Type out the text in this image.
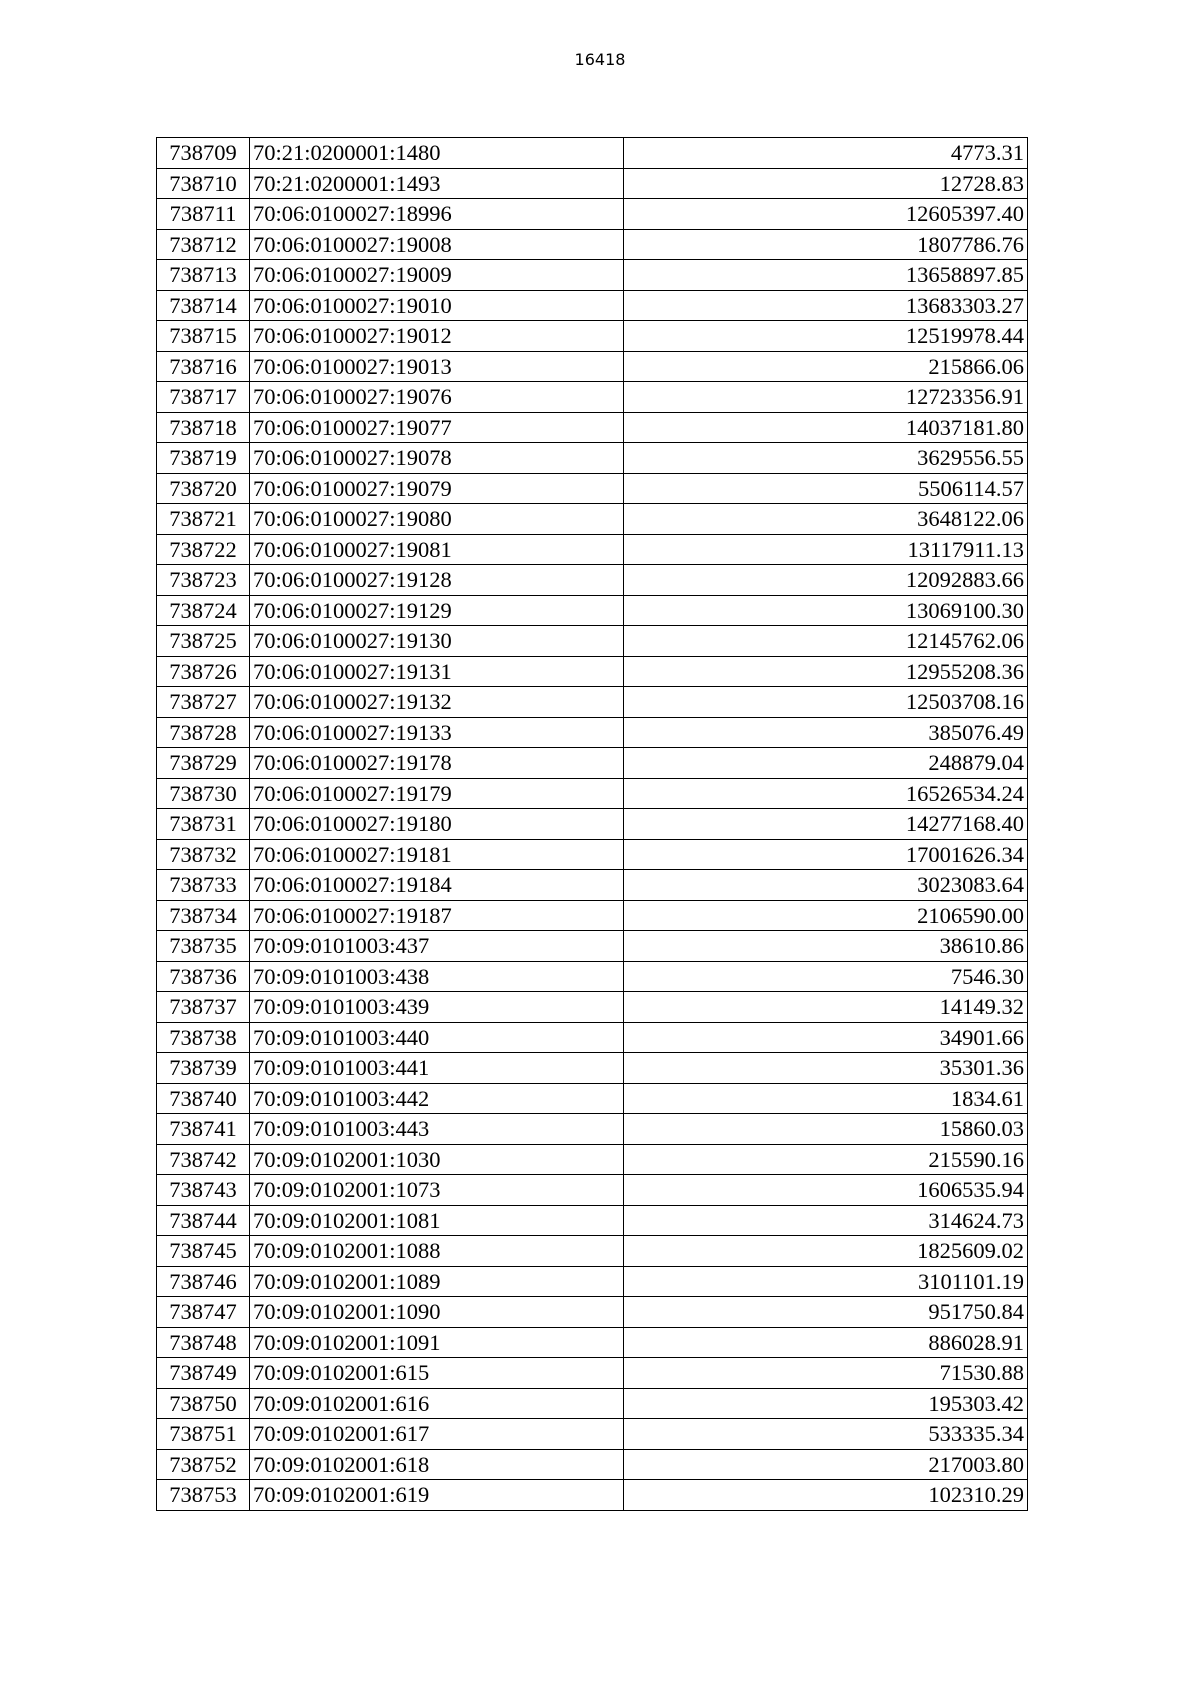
16418
738709	70:21:0200001:1480	4773.31
738710	70:21:0200001:1493	12728.83
738711	70:06:0100027:18996	12605397.40
738712	70:06:0100027:19008	1807786.76
738713	70:06:0100027:19009	13658897.85
738714	70:06:0100027:19010	13683303.27
738715	70:06:0100027:19012	12519978.44
738716	70:06:0100027:19013	215866.06
738717	70:06:0100027:19076	12723356.91
738718	70:06:0100027:19077	14037181.80
738719	70:06:0100027:19078	3629556.55
738720	70:06:0100027:19079	5506114.57
738721	70:06:0100027:19080	3648122.06
738722	70:06:0100027:19081	13117911.13
738723	70:06:0100027:19128	12092883.66
738724	70:06:0100027:19129	13069100.30
738725	70:06:0100027:19130	12145762.06
738726	70:06:0100027:19131	12955208.36
738727	70:06:0100027:19132	12503708.16
738728	70:06:0100027:19133	385076.49
738729	70:06:0100027:19178	248879.04
738730	70:06:0100027:19179	16526534.24
738731	70:06:0100027:19180	14277168.40
738732	70:06:0100027:19181	17001626.34
738733	70:06:0100027:19184	3023083.64
738734	70:06:0100027:19187	2106590.00
738735	70:09:0101003:437	38610.86
738736	70:09:0101003:438	7546.30
738737	70:09:0101003:439	14149.32
738738	70:09:0101003:440	34901.66
738739	70:09:0101003:441	35301.36
738740	70:09:0101003:442	1834.61
738741	70:09:0101003:443	15860.03
738742	70:09:0102001:1030	215590.16
738743	70:09:0102001:1073	1606535.94
738744	70:09:0102001:1081	314624.73
738745	70:09:0102001:1088	1825609.02
738746	70:09:0102001:1089	3101101.19
738747	70:09:0102001:1090	951750.84
738748	70:09:0102001:1091	886028.91
738749	70:09:0102001:615	71530.88
738750	70:09:0102001:616	195303.42
738751	70:09:0102001:617	533335.34
738752	70:09:0102001:618	217003.80
738753	70:09:0102001:619	102310.29
